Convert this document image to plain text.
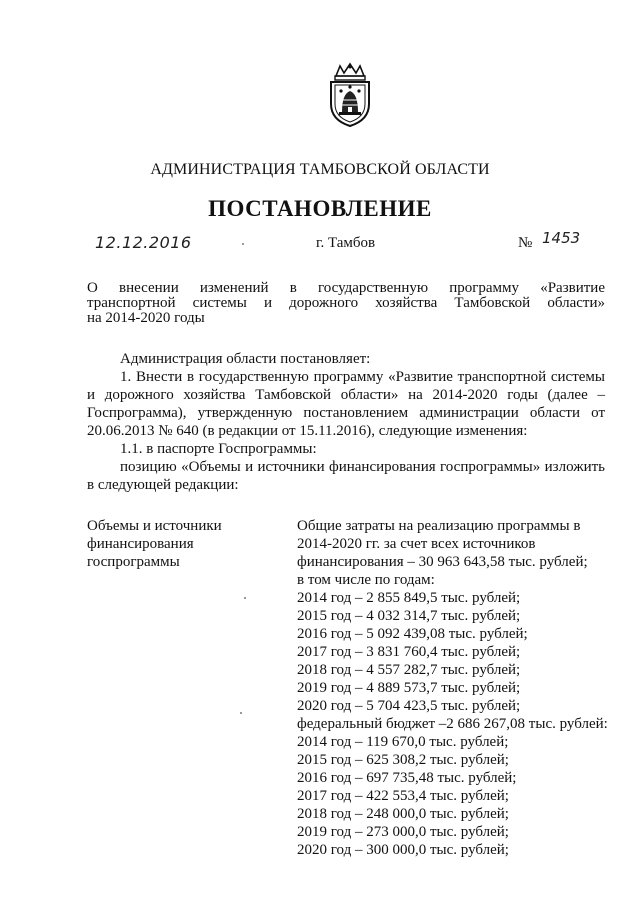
АДМИНИСТРАЦИЯ ТАМБОВСКОЙ ОБЛАСТИ
ПОСТАНОВЛЕНИЕ
12.12.2016	г. Тамбов	№ 1453
О внесении изменений в государственную программу «Развитие
транспортной системы и дорожного хозяйства Тамбовской области»
на 2014-2020 годы

Администрация области постановляет:

1. Внести в государственную программу «Развитие транспортной системы и дорожного хозяйства Тамбовской области» на 2014-2020 годы (далее – Госпрограмма), утвержденную постановлением администрации области от 20.06.2013 № 640 (в редакции от 15.11.2016), следующие изменения:

1.1. в паспорте Госпрограммы:

позицию «Объемы и источники финансирования госпрограммы» изложить в следующей редакции:

Объемы и источники
финансирования
госпрограммы
Общие затраты на реализацию программы в
2014-2020 гг. за счет всех источников
финансирования – 30 963 643,58 тыс. рублей;
в том числе по годам:
2014 год – 2 855 849,5 тыс. рублей;
2015 год – 4 032 314,7 тыс. рублей;
2016 год – 5 092 439,08 тыс. рублей;
2017 год – 3 831 760,4 тыс. рублей;
2018 год – 4 557 282,7 тыс. рублей;
2019 год – 4 889 573,7 тыс. рублей;
2020 год – 5 704 423,5 тыс. рублей;
федеральный бюджет –2 686 267,08 тыс. рублей:
2014 год – 119 670,0 тыс. рублей;
2015 год – 625 308,2 тыс. рублей;
2016 год – 697 735,48 тыс. рублей;
2017 год – 422 553,4 тыс. рублей;
2018 год – 248 000,0 тыс. рублей;
2019 год – 273 000,0 тыс. рублей;
2020 год – 300 000,0 тыс. рублей;
